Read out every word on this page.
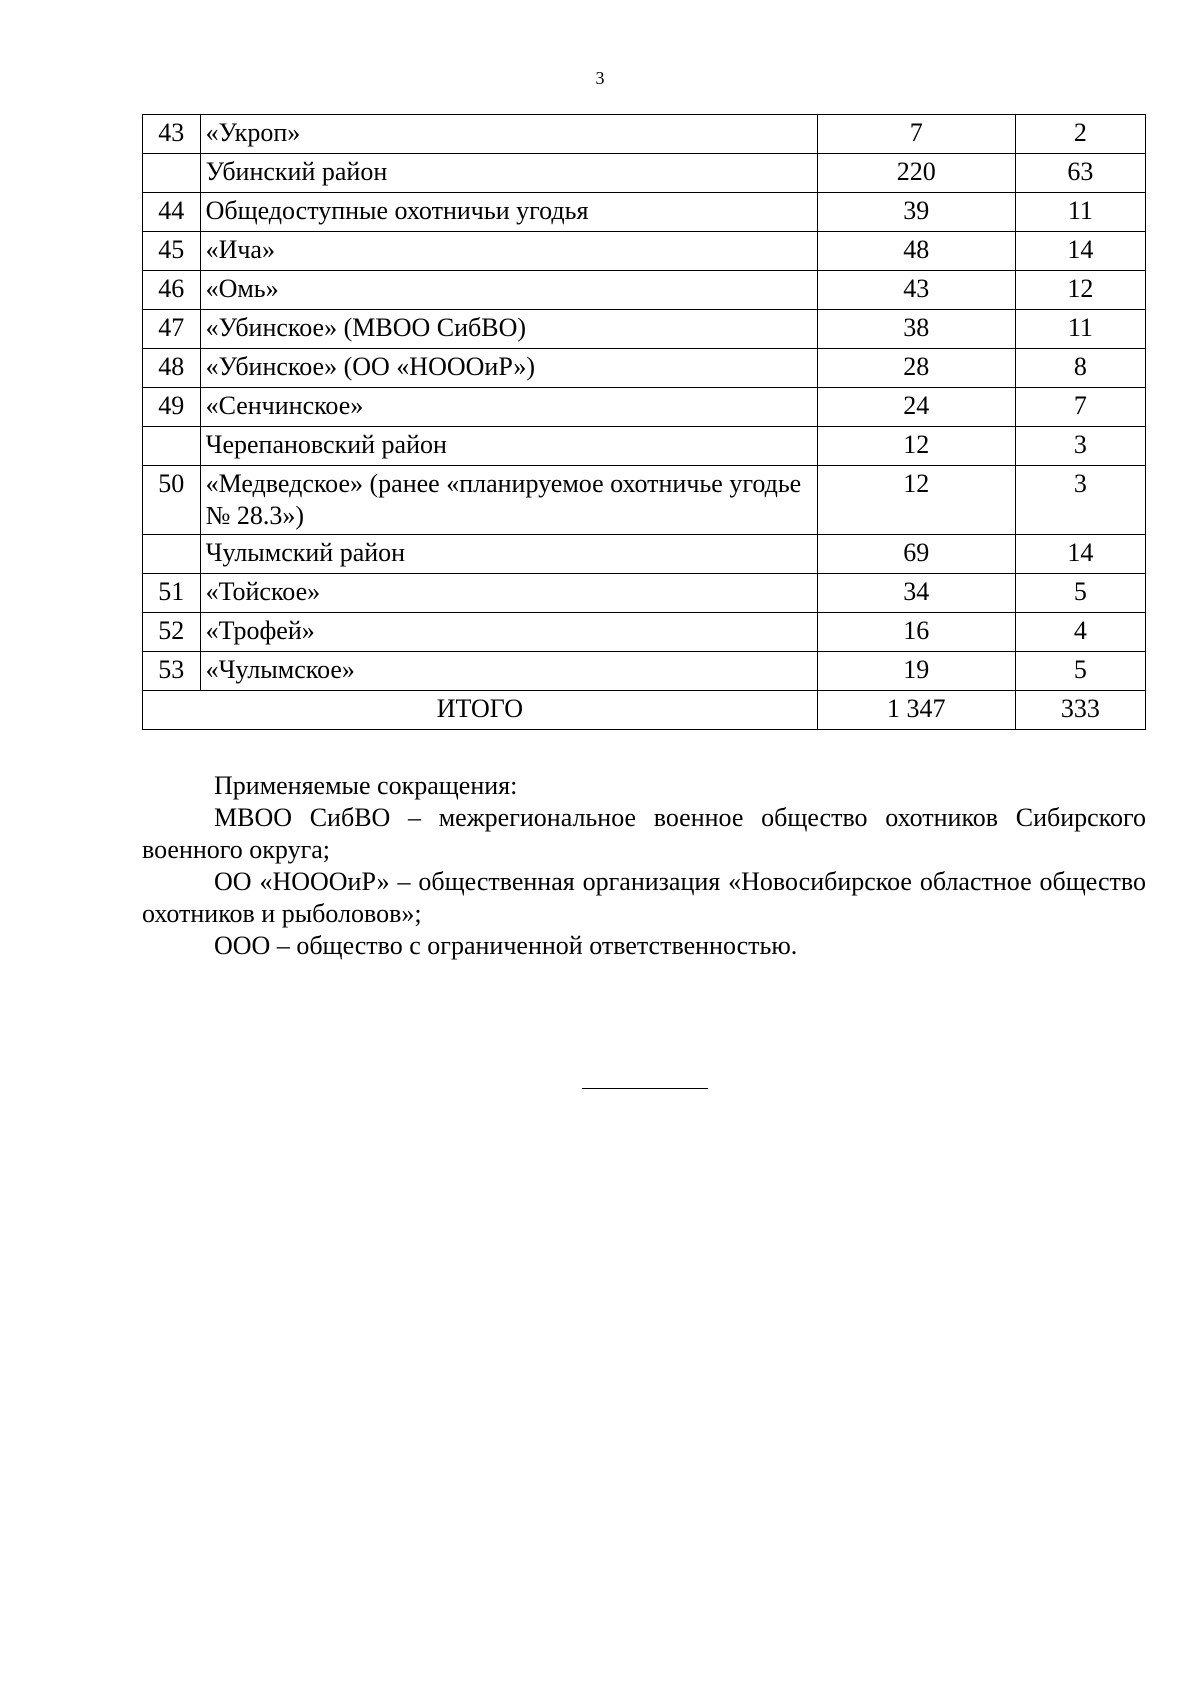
3
43	«Укроп»	7	2
	Убинский район	220	63
44	Общедоступные охотничьи угодья	39	11
45	«Ича»	48	14
46	«Омь»	43	12
47	«Убинское» (МВОО СибВО)	38	11
48	«Убинское» (ОО «НОООиР»)	28	8
49	«Сенчинское»	24	7
	Черепановский район	12	3
50	«Медведское» (ранее «планируемое охотничье угодье № 28.3»)	12	3
	Чулымский район	69	14
51	«Тойское»	34	5
52	«Трофей»	16	4
53	«Чулымское»	19	5
ИТОГО		1 347	333

Применяемые сокращения:

МВОО СибВО – межрегиональное военное общество охотников Сибирского военного округа;

ОО «НОООиР» – общественная организация «Новосибирское областное общество охотников и рыболовов»;

ООО – общество с ограниченной ответственностью.
